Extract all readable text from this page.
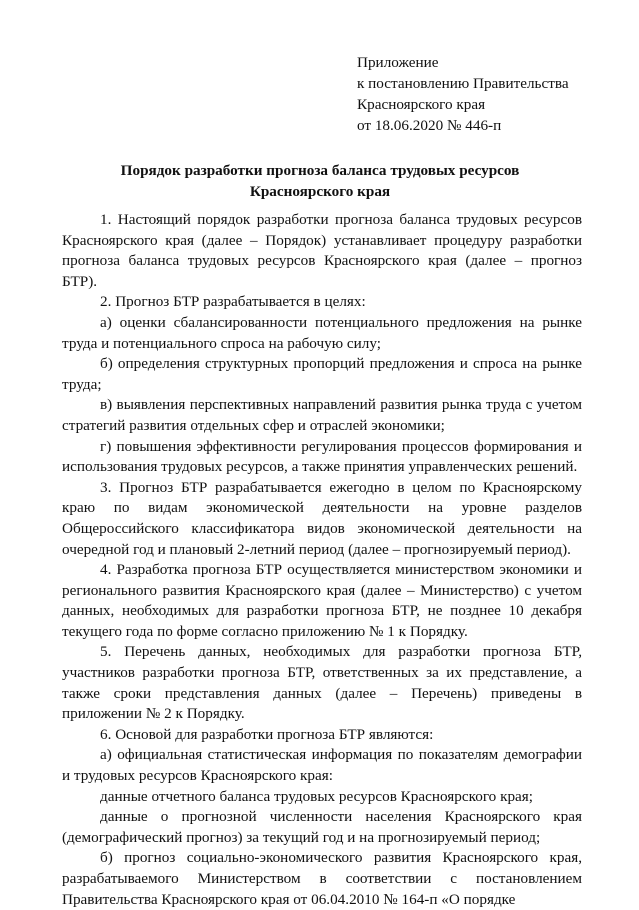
Приложение
к постановлению Правительства
Красноярского края
от 18.06.2020 № 446-п
Порядок разработки прогноза баланса трудовых ресурсов
Красноярского края

1. Настоящий порядок разработки прогноза баланса трудовых ресурсов Красноярского края (далее – Порядок) устанавливает процедуру разработки прогноза баланса трудовых ресурсов Красноярского края (далее – прогноз БТР).

2. Прогноз БТР разрабатывается в целях:

а) оценки сбалансированности потенциального предложения на рынке труда и потенциального спроса на рабочую силу;

б) определения структурных пропорций предложения и спроса на рынке труда;

в) выявления перспективных направлений развития рынка труда с учетом стратегий развития отдельных сфер и отраслей экономики;

г) повышения эффективности регулирования процессов формирования и использования трудовых ресурсов, а также принятия управленческих решений.

3. Прогноз БТР разрабатывается ежегодно в целом по Красноярскому краю по видам экономической деятельности на уровне разделов Общероссийского классификатора видов экономической деятельности на очередной год и плановый 2-летний период (далее – прогнозируемый период).

4. Разработка прогноза БТР осуществляется министерством экономики и регионального развития Красноярского края (далее – Министерство) с учетом данных, необходимых для разработки прогноза БТР, не позднее 10 декабря текущего года по форме согласно приложению № 1 к Порядку.

5. Перечень данных, необходимых для разработки прогноза БТР, участников разработки прогноза БТР, ответственных за их представление, а также сроки представления данных (далее – Перечень) приведены в приложении № 2 к Порядку.

6. Основой для разработки прогноза БТР являются:

а) официальная статистическая информация по показателям демографии и трудовых ресурсов Красноярского края:

данные отчетного баланса трудовых ресурсов Красноярского края;

данные о прогнозной численности населения Красноярского края (демографический прогноз) за текущий год и на прогнозируемый период;

б) прогноз социально-экономического развития Красноярского края, разрабатываемого Министерством в соответствии с постановлением Правительства Красноярского края от 06.04.2010 № 164-п «О порядке
